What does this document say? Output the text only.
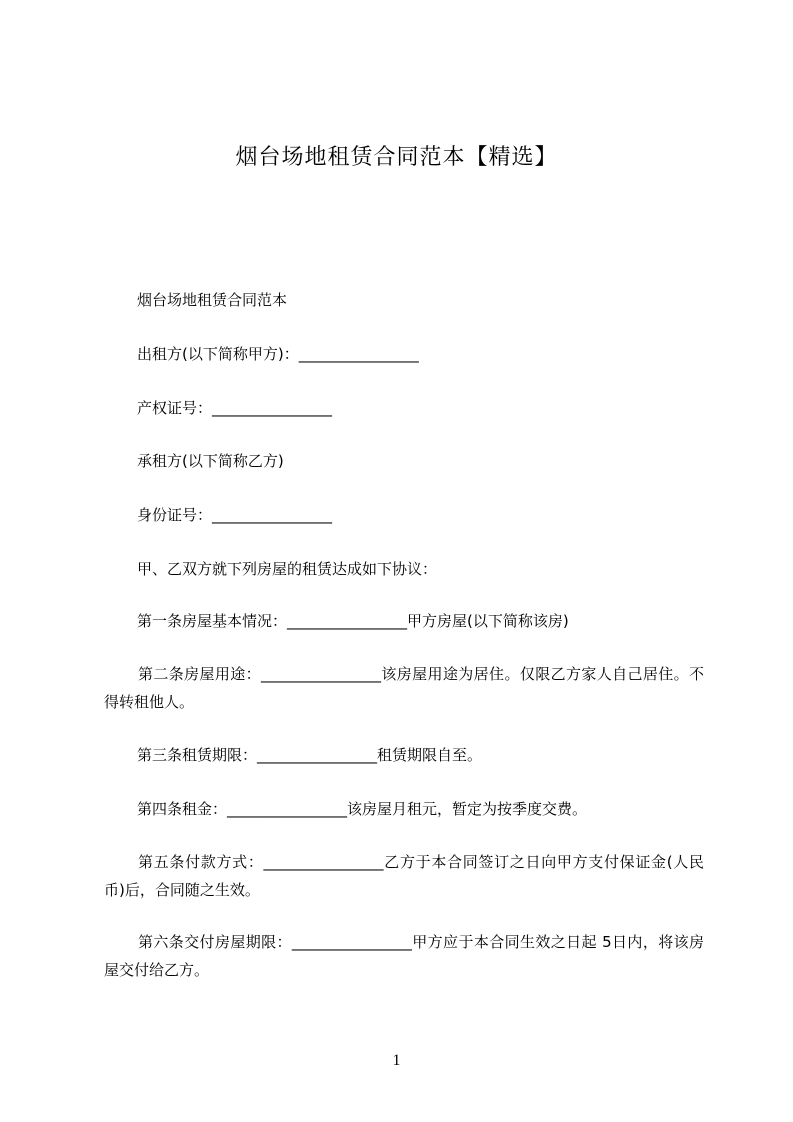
烟台场地租赁合同范本【精选】
烟台场地租赁合同范本
出租方(以下简称甲方)：________________
产权证号：________________
承租方(以下简称乙方)
身份证号：________________
甲、乙双方就下列房屋的租赁达成如下协议：
第一条房屋基本情况：________________甲方房屋(以下简称该房)
第二条房屋用途：________________该房屋用途为居住。仅限乙方家人自己居住。不得转租他人。
第三条租赁期限：________________租赁期限自至。
第四条租金：________________该房屋月租元，暂定为按季度交费。
第五条付款方式：________________乙方于本合同签订之日向甲方支付保证金(人民币)后，合同随之生效。
第六条交付房屋期限：________________甲方应于本合同生效之日起 5日内，将该房屋交付给乙方。
1
